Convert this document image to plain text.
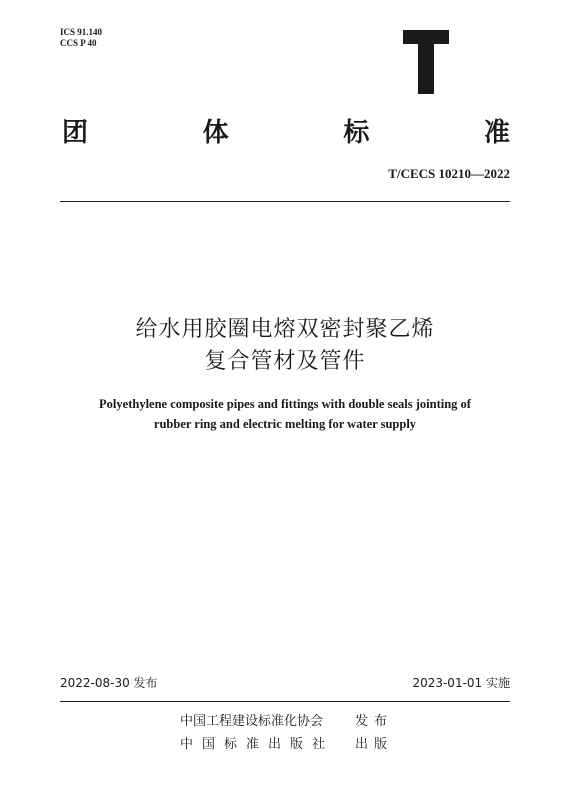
ICS 91.140
CCS P 40
团	体	标	准
T/CECS 10210—2022
给水用胶圈电熔双密封聚乙烯
复合管材及管件
Polyethylene composite pipes and fittings with double seals jointing of
rubber ring and electric melting for water supply
2022-08-30 发布	2023-01-01 实施
中国工程建设标准化协会 发布
中国标准出版社 出版
